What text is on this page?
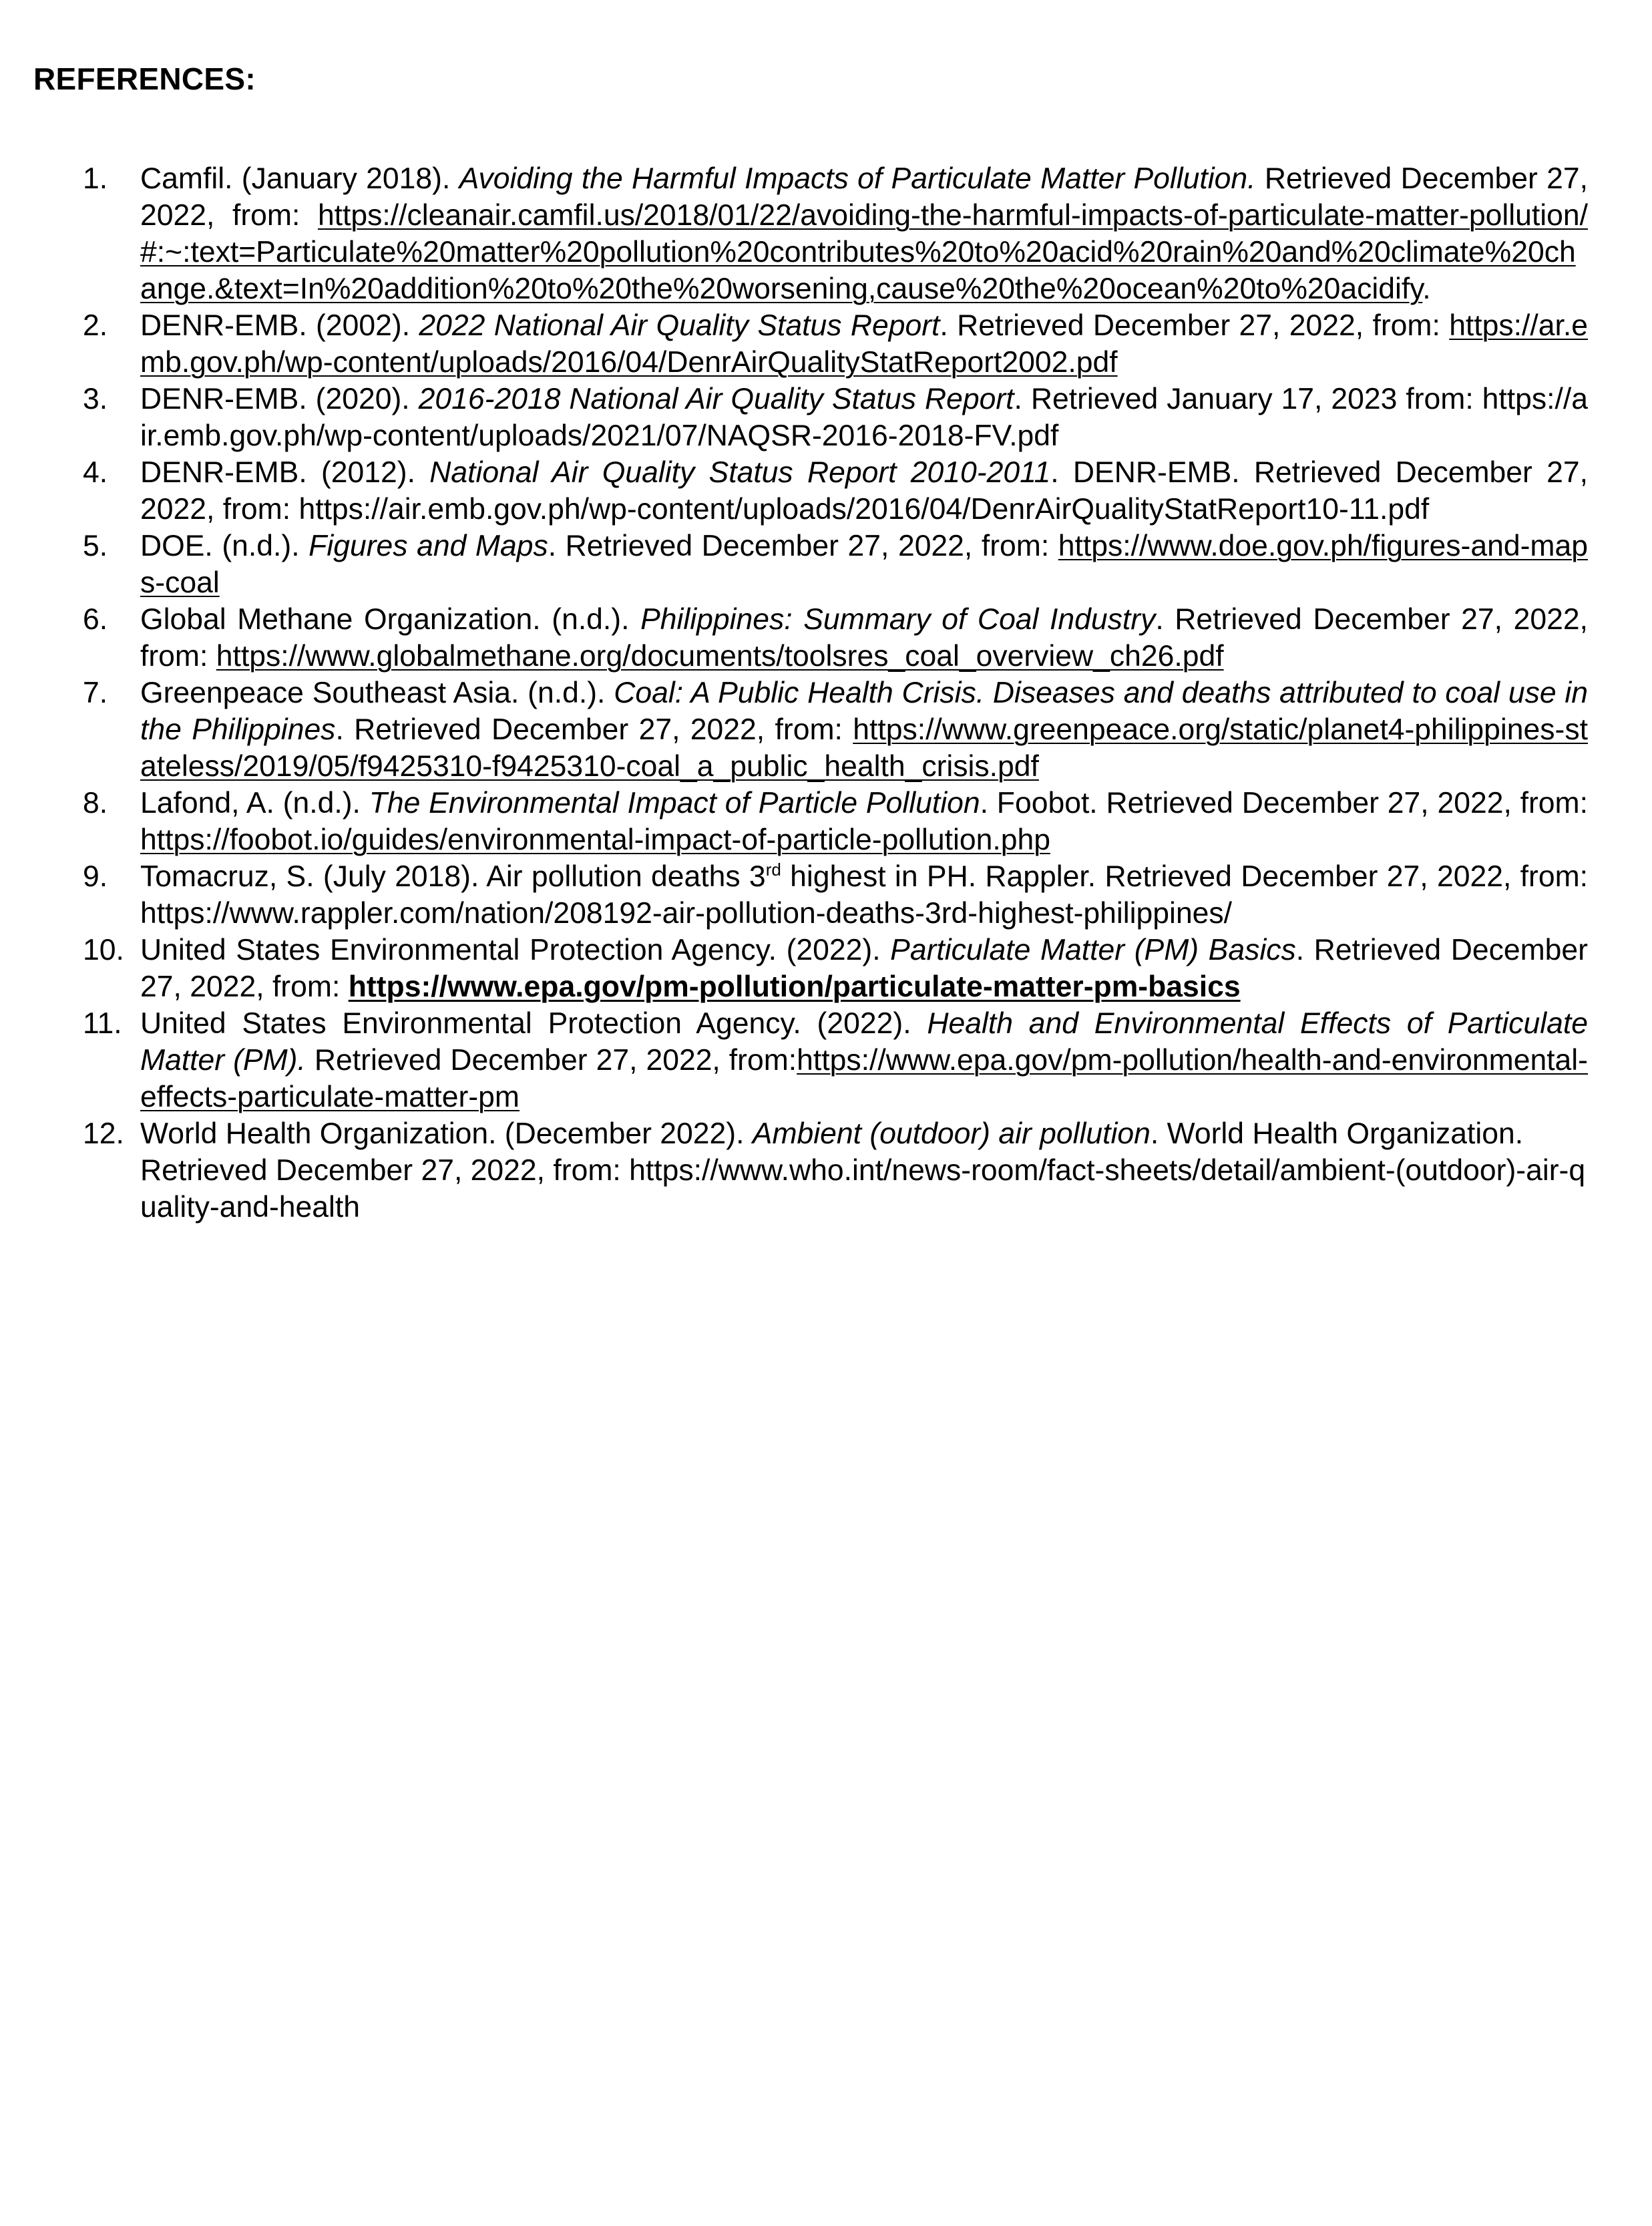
REFERENCES:
1.	Camfil. (January 2018). Avoiding the Harmful Impacts of Particulate Matter Pollution. Retrieved December 27, 2022, from: https://cleanair.camfil.us/2018/01/22/avoiding-the-harmful-impacts-of-particulate-matter-pollution/#:~:text=Particulate%20matter%20pollution%20contributes%20to%20acid%20rain%20and%20climate%20change.&text=In%20addition%20to%20the%20worsening,cause%20the%20ocean%20to%20acidify.
2.	DENR-EMB. (2002). 2022 National Air Quality Status Report. Retrieved December 27, 2022, from: https://ar.emb.gov.ph/wp-content/uploads/2016/04/DenrAirQualityStatReport2002.pdf
3.	DENR-EMB. (2020). 2016-2018 National Air Quality Status Report. Retrieved January 17, 2023 from: https://air.emb.gov.ph/wp-content/uploads/2021/07/NAQSR-2016-2018-FV.pdf
4.	DENR-EMB. (2012). National Air Quality Status Report 2010-2011. DENR-EMB. Retrieved December 27, 2022, from: https://air.emb.gov.ph/wp-content/uploads/2016/04/DenrAirQualityStatReport10-11.pdf
5.	DOE. (n.d.). Figures and Maps. Retrieved December 27, 2022, from: https://www.doe.gov.ph/figures-and-maps-coal
6.	Global Methane Organization. (n.d.). Philippines: Summary of Coal Industry. Retrieved December 27, 2022, from: https://www.globalmethane.org/documents/toolsres_coal_overview_ch26.pdf
7.	Greenpeace Southeast Asia. (n.d.). Coal: A Public Health Crisis. Diseases and deaths attributed to coal use in the Philippines. Retrieved December 27, 2022, from: https://www.greenpeace.org/static/planet4-philippines-stateless/2019/05/f9425310-f9425310-coal_a_public_health_crisis.pdf
8.	Lafond, A. (n.d.). The Environmental Impact of Particle Pollution. Foobot. Retrieved December 27, 2022, from: https://foobot.io/guides/environmental-impact-of-particle-pollution.php
9.	Tomacruz, S. (July 2018). Air pollution deaths 3rd highest in PH. Rappler. Retrieved December 27, 2022, from: https://www.rappler.com/nation/208192-air-pollution-deaths-3rd-highest-philippines/
10. United States Environmental Protection Agency. (2022). Particulate Matter (PM) Basics. Retrieved December 27, 2022, from: https://www.epa.gov/pm-pollution/particulate-matter-pm-basics
11. United States Environmental Protection Agency. (2022). Health and Environmental Effects of Particulate Matter (PM). Retrieved December 27, 2022, from:https://www.epa.gov/pm-pollution/health-and-environmental-effects-particulate-matter-pm
12. World Health Organization. (December 2022). Ambient (outdoor) air pollution. World Health Organization. Retrieved December 27, 2022, from: https://www.who.int/news-room/fact-sheets/detail/ambient-(outdoor)-air-quality-and-health
